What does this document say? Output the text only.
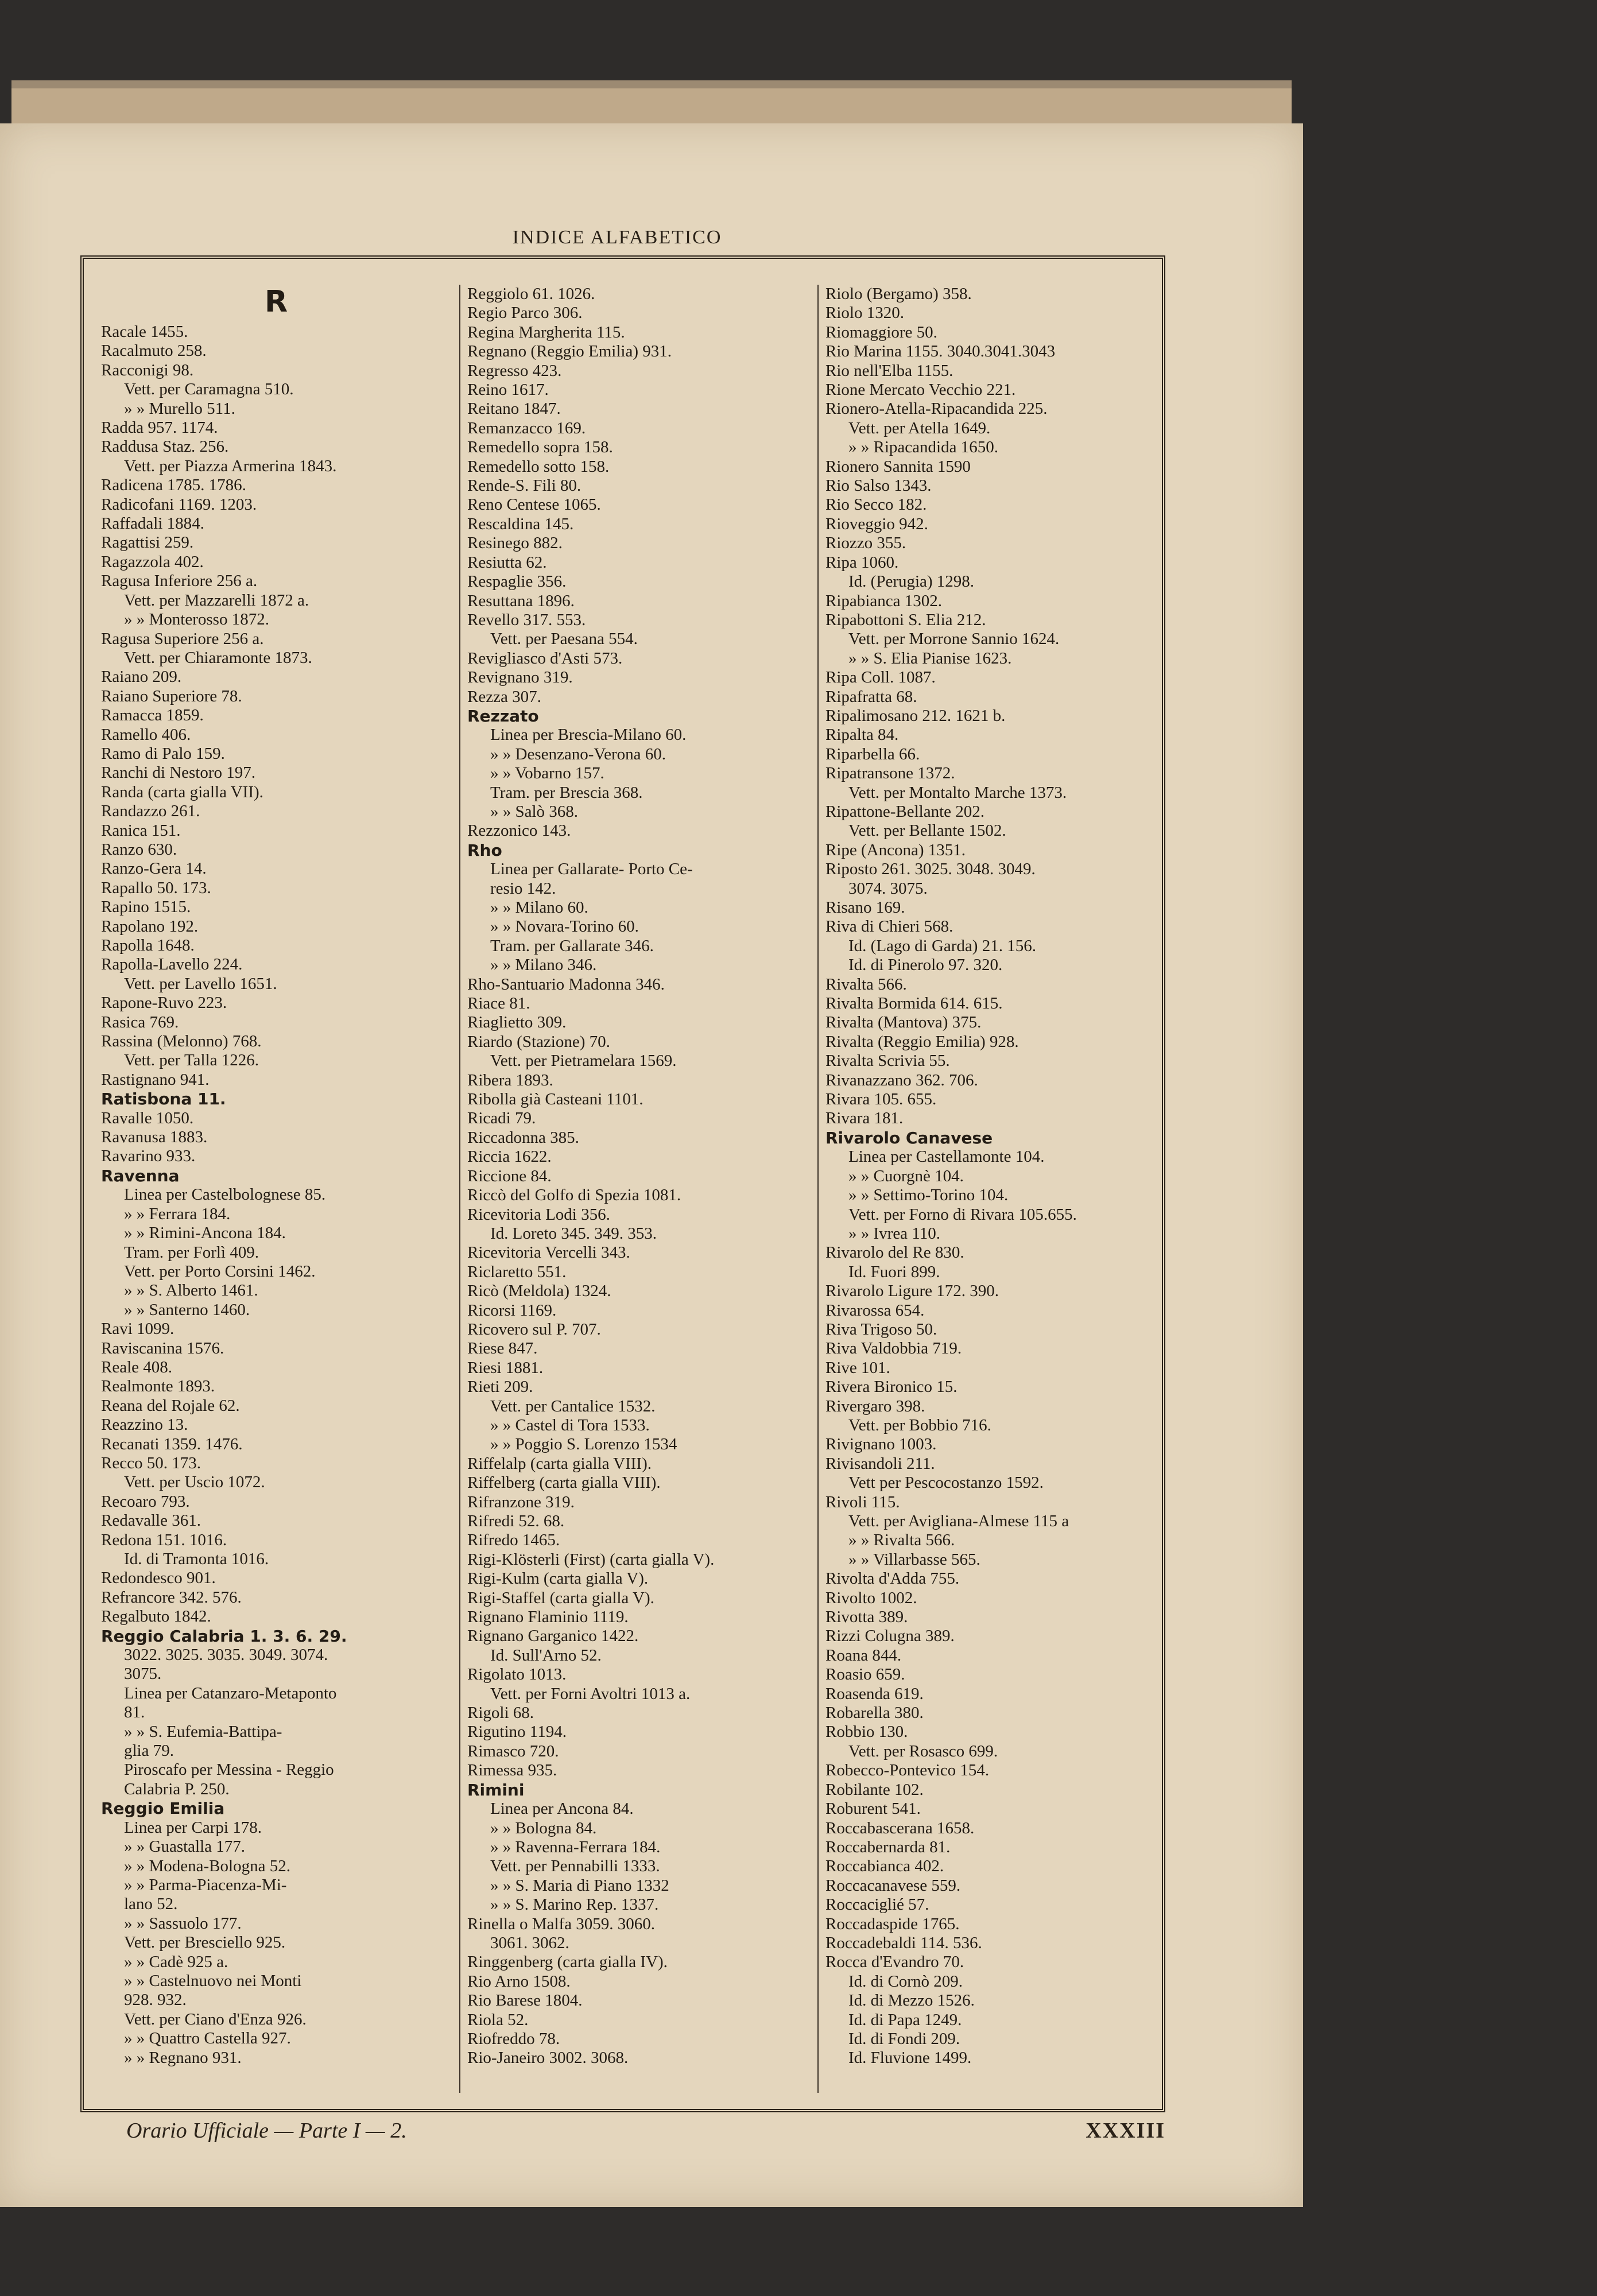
INDICE ALFABETICO
R
Racale 1455.
Racalmuto 258.
Racconigi 98.
Vett. per Caramagna 510.
» » Murello 511.
Radda 957. 1174.
Raddusa Staz. 256.
Vett. per Piazza Armerina 1843.
Radicena 1785. 1786.
Radicofani 1169. 1203.
Raffadali 1884.
Ragattisi 259.
Ragazzola 402.
Ragusa Inferiore 256 a.
Vett. per Mazzarelli 1872 a.
» » Monterosso 1872.
Ragusa Superiore 256 a.
Vett. per Chiaramonte 1873.
Raiano 209.
Raiano Superiore 78.
Ramacca 1859.
Ramello 406.
Ramo di Palo 159.
Ranchi di Nestoro 197.
Randa (carta gialla VII).
Randazzo 261.
Ranica 151.
Ranzo 630.
Ranzo-Gera 14.
Rapallo 50. 173.
Rapino 1515.
Rapolano 192.
Rapolla 1648.
Rapolla-Lavello 224.
Vett. per Lavello 1651.
Rapone-Ruvo 223.
Rasica 769.
Rassina (Melonno) 768.
Vett. per Talla 1226.
Rastignano 941.
Ratisbona 11.
Ravalle 1050.
Ravanusa 1883.
Ravarino 933.
Ravenna
Linea per Castelbolognese 85.
» » Ferrara 184.
» » Rimini-Ancona 184.
Tram. per Forlì 409.
Vett. per Porto Corsini 1462.
» » S. Alberto 1461.
» » Santerno 1460.
Ravi 1099.
Raviscanina 1576.
Reale 408.
Realmonte 1893.
Reana del Rojale 62.
Reazzino 13.
Recanati 1359. 1476.
Recco 50. 173.
Vett. per Uscio 1072.
Recoaro 793.
Redavalle 361.
Redona 151. 1016.
Id. di Tramonta 1016.
Redondesco 901.
Refrancore 342. 576.
Regalbuto 1842.
Reggio Calabria 1. 3. 6. 29.
3022. 3025. 3035. 3049. 3074.
3075.
Linea per Catanzaro-Metaponto
81.
» » S. Eufemia-Battipa-
glia 79.
Piroscafo per Messina - Reggio
Calabria P. 250.
Reggio Emilia
Linea per Carpi 178.
» » Guastalla 177.
» » Modena-Bologna 52.
» » Parma-Piacenza-Mi-
lano 52.
» » Sassuolo 177.
Vett. per Bresciello 925.
» » Cadè 925 a.
» » Castelnuovo nei Monti
928. 932.
Vett. per Ciano d'Enza 926.
» » Quattro Castella 927.
» » Regnano 931.
Reggiolo 61. 1026.
Regio Parco 306.
Regina Margherita 115.
Regnano (Reggio Emilia) 931.
Regresso 423.
Reino 1617.
Reitano 1847.
Remanzacco 169.
Remedello sopra 158.
Remedello sotto 158.
Rende-S. Fili 80.
Reno Centese 1065.
Rescaldina 145.
Resinego 882.
Resiutta 62.
Respaglie 356.
Resuttana 1896.
Revello 317. 553.
Vett. per Paesana 554.
Revigliasco d'Asti 573.
Revignano 319.
Rezza 307.
Rezzato
Linea per Brescia-Milano 60.
» » Desenzano-Verona 60.
» » Vobarno 157.
Tram. per Brescia 368.
» » Salò 368.
Rezzonico 143.
Rho
Linea per Gallarate- Porto Ce-
resio 142.
» » Milano 60.
» » Novara-Torino 60.
Tram. per Gallarate 346.
» » Milano 346.
Rho-Santuario Madonna 346.
Riace 81.
Riaglietto 309.
Riardo (Stazione) 70.
Vett. per Pietramelara 1569.
Ribera 1893.
Ribolla già Casteani 1101.
Ricadi 79.
Riccadonna 385.
Riccia 1622.
Riccione 84.
Riccò del Golfo di Spezia 1081.
Ricevitoria Lodi 356.
Id. Loreto 345. 349. 353.
Ricevitoria Vercelli 343.
Riclaretto 551.
Ricò (Meldola) 1324.
Ricorsi 1169.
Ricovero sul P. 707.
Riese 847.
Riesi 1881.
Rieti 209.
Vett. per Cantalice 1532.
» » Castel di Tora 1533.
» » Poggio S. Lorenzo 1534
Riffelalp (carta gialla VIII).
Riffelberg (carta gialla VIII).
Rifranzone 319.
Rifredi 52. 68.
Rifredo 1465.
Rigi-Klösterli (First) (carta gialla V).
Rigi-Kulm (carta gialla V).
Rigi-Staffel (carta gialla V).
Rignano Flaminio 1119.
Rignano Garganico 1422.
Id. Sull'Arno 52.
Rigolato 1013.
Vett. per Forni Avoltri 1013 a.
Rigoli 68.
Rigutino 1194.
Rimasco 720.
Rimessa 935.
Rimini
Linea per Ancona 84.
» » Bologna 84.
» » Ravenna-Ferrara 184.
Vett. per Pennabilli 1333.
» » S. Maria di Piano 1332
» » S. Marino Rep. 1337.
Rinella o Malfa 3059. 3060.
3061. 3062.
Ringgenberg (carta gialla IV).
Rio Arno 1508.
Rio Barese 1804.
Riola 52.
Riofreddo 78.
Rio-Janeiro 3002. 3068.
Riolo (Bergamo) 358.
Riolo 1320.
Riomaggiore 50.
Rio Marina 1155. 3040.3041.3043
Rio nell'Elba 1155.
Rione Mercato Vecchio 221.
Rionero-Atella-Ripacandida 225.
Vett. per Atella 1649.
» » Ripacandida 1650.
Rionero Sannita 1590
Rio Salso 1343.
Rio Secco 182.
Rioveggio 942.
Riozzo 355.
Ripa 1060.
Id. (Perugia) 1298.
Ripabianca 1302.
Ripabottoni S. Elia 212.
Vett. per Morrone Sannio 1624.
» » S. Elia Pianise 1623.
Ripa Coll. 1087.
Ripafratta 68.
Ripalimosano 212. 1621 b.
Ripalta 84.
Riparbella 66.
Ripatransone 1372.
Vett. per Montalto Marche 1373.
Ripattone-Bellante 202.
Vett. per Bellante 1502.
Ripe (Ancona) 1351.
Riposto 261. 3025. 3048. 3049.
3074. 3075.
Risano 169.
Riva di Chieri 568.
Id. (Lago di Garda) 21. 156.
Id. di Pinerolo 97. 320.
Rivalta 566.
Rivalta Bormida 614. 615.
Rivalta (Mantova) 375.
Rivalta (Reggio Emilia) 928.
Rivalta Scrivia 55.
Rivanazzano 362. 706.
Rivara 105. 655.
Rivara 181.
Rivarolo Canavese
Linea per Castellamonte 104.
» » Cuorgnè 104.
» » Settimo-Torino 104.
Vett. per Forno di Rivara 105.655.
» » Ivrea 110.
Rivarolo del Re 830.
Id. Fuori 899.
Rivarolo Ligure 172. 390.
Rivarossa 654.
Riva Trigoso 50.
Riva Valdobbia 719.
Rive 101.
Rivera Bironico 15.
Rivergaro 398.
Vett. per Bobbio 716.
Rivignano 1003.
Rivisandoli 211.
Vett per Pescocostanzo 1592.
Rivoli 115.
Vett. per Avigliana-Almese 115 a
» » Rivalta 566.
» » Villarbasse 565.
Rivolta d'Adda 755.
Rivolto 1002.
Rivotta 389.
Rizzi Colugna 389.
Roana 844.
Roasio 659.
Roasenda 619.
Robarella 380.
Robbio 130.
Vett. per Rosasco 699.
Robecco-Pontevico 154.
Robilante 102.
Roburent 541.
Roccabascerana 1658.
Roccabernarda 81.
Roccabianca 402.
Roccacanavese 559.
Roccaciglié 57.
Roccadaspide 1765.
Roccadebaldi 114. 536.
Rocca d'Evandro 70.
Id. di Cornò 209.
Id. di Mezzo 1526.
Id. di Papa 1249.
Id. di Fondi 209.
Id. Fluvione 1499.
Orario Ufficiale — Parte I — 2.	XXXIII
